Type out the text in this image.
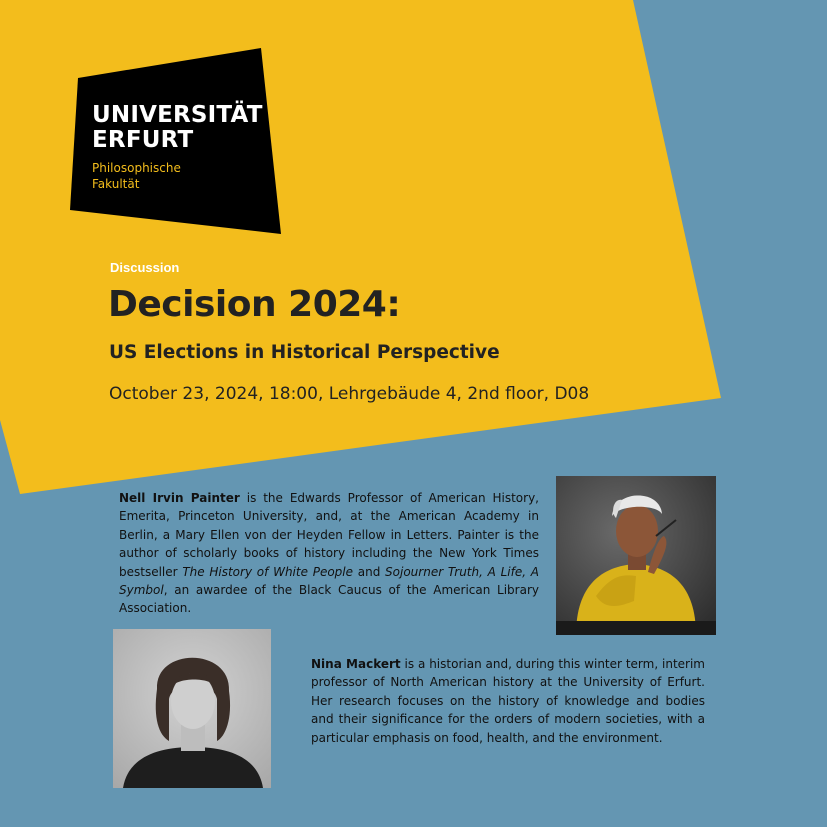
UNIVERSITÄT
ERFURT
Philosophische
Fakultät
Discussion
Decision 2024:
US Elections in Historical Perspective
October 23, 2024, 18:00, Lehrgebäude 4, 2nd floor, D08

Nell Irvin Painter is the Edwards Professor of American History, Emerita, Princeton University, and, at the American Academy in Berlin, a Mary Ellen von der Heyden Fellow in Letters. Painter is the author of scholarly books of history including the New York Times bestseller The History of White People and Sojourner Truth, A Life, A Symbol, an awardee of the Black Caucus of the American Library Association.

Nina Mackert is a historian and, during this winter term, interim professor of North American history at the University of Erfurt. Her research focuses on the history of knowledge and bodies and their significance for the orders of modern societies, with a particular emphasis on food, health, and the environment.
